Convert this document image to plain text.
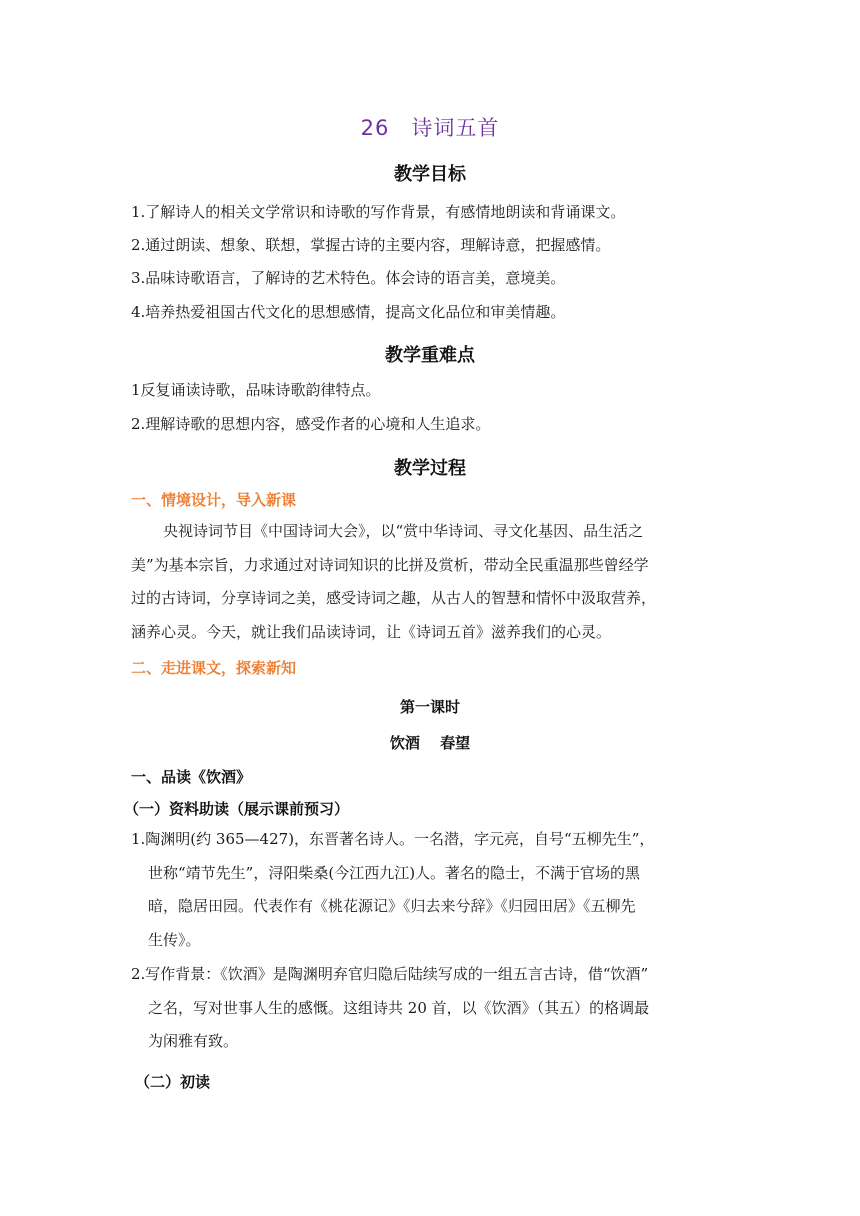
26　诗词五首
教学目标
1.了解诗人的相关文学常识和诗歌的写作背景，有感情地朗读和背诵课文。
2.通过朗读、想象、联想，掌握古诗的主要内容，理解诗意，把握感情。
3.品味诗歌语言，了解诗的艺术特色。体会诗的语言美，意境美。
4.培养热爱祖国古代文化的思想感情，提高文化品位和审美情趣。
教学重难点
1反复诵读诗歌，品味诗歌韵律特点。
2.理解诗歌的思想内容，感受作者的心境和人生追求。
教学过程
一、情境设计，导入新课
央视诗词节目《中国诗词大会》，以“赏中华诗词、寻文化基因、品生活之
美”为基本宗旨，力求通过对诗词知识的比拼及赏析，带动全民重温那些曾经学
过的古诗词，分享诗词之美，感受诗词之趣，从古人的智慧和情怀中汲取营养，
涵养心灵。今天，就让我们品读诗词，让《诗词五首》滋养我们的心灵。
二、走进课文，探索新知
第一课时
饮酒　 春望
一、品读《饮酒》
（一）资料助读（展示课前预习）
1.陶渊明(约 365—427)，东晋著名诗人。一名潜，字元亮，自号“五柳先生”，
世称“靖节先生”，浔阳柴桑(今江西九江)人。著名的隐士，不满于官场的黑
暗，隐居田园。代表作有《桃花源记》《归去来兮辞》《归园田居》《五柳先
生传》。
2.写作背景：《饮酒》是陶渊明弃官归隐后陆续写成的一组五言古诗，借“饮酒”
之名，写对世事人生的感慨。这组诗共 20 首，以《饮酒》（其五）的格调最
为闲雅有致。
（二）初读
